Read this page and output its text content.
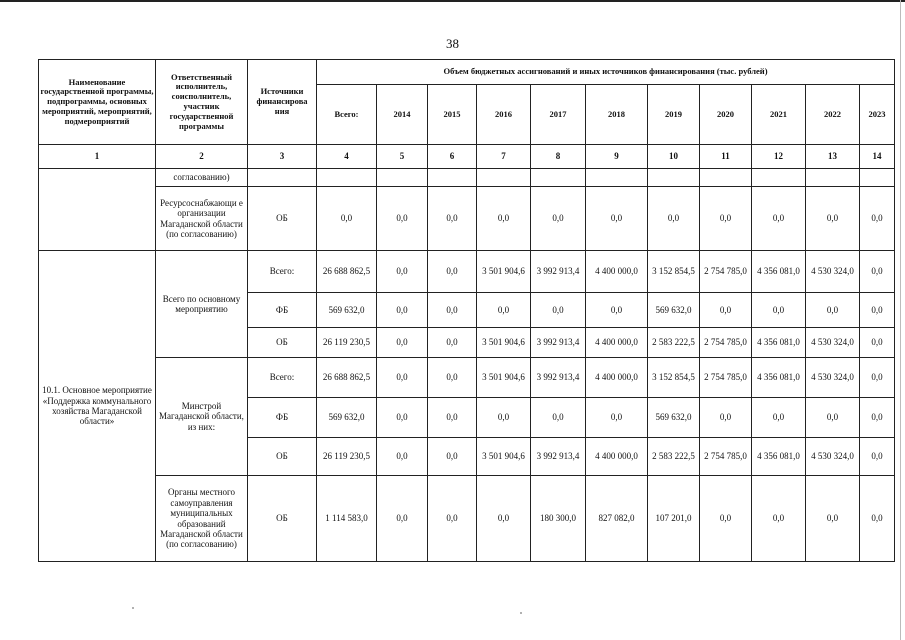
38
Наименование государственной программы, подпрограммы, основных мероприятий, мероприятий, подмероприятий	Ответственный исполнитель, соисполнитель, участник государственной программы	Источники финансирова ния	Объем бюджетных ассигнований и иных источников финансирования (тыс. рублей)										
			Всего:	2014	2015	2016	2017	2018	2019	2020	2021	2022	2023
1	2	3	4	5	6	7	8	9	10	11	12	13	14
	согласованию)												
	Ресурсоснабжающи е организации Магаданской области (по согласованию)	ОБ	0,0	0,0	0,0	0,0	0,0	0,0	0,0	0,0	0,0	0,0	0,0
10.1. Основное мероприятие «Поддержка коммунального хозяйства Магаданской области»	Всего по основному мероприятию	Всего:	26 688 862,5	0,0	0,0	3 501 904,6	3 992 913,4	4 400 000,0	3 152 854,5	2 754 785,0	4 356 081,0	4 530 324,0	0,0
		ФБ	569 632,0	0,0	0,0	0,0	0,0	0,0	569 632,0	0,0	0,0	0,0	0,0
		ОБ	26 119 230,5	0,0	0,0	3 501 904,6	3 992 913,4	4 400 000,0	2 583 222,5	2 754 785,0	4 356 081,0	4 530 324,0	0,0
	Минстрой Магаданской области, из них:	Всего:	26 688 862,5	0,0	0,0	3 501 904,6	3 992 913,4	4 400 000,0	3 152 854,5	2 754 785,0	4 356 081,0	4 530 324,0	0,0
		ФБ	569 632,0	0,0	0,0	0,0	0,0	0,0	569 632,0	0,0	0,0	0,0	0,0
		ОБ	26 119 230,5	0,0	0,0	3 501 904,6	3 992 913,4	4 400 000,0	2 583 222,5	2 754 785,0	4 356 081,0	4 530 324,0	0,0
	Органы местного самоуправления муниципальных образований Магаданской области (по согласованию)	ОБ	1 114 583,0	0,0	0,0	0,0	180 300,0	827 082,0	107 201,0	0,0	0,0	0,0	0,0
